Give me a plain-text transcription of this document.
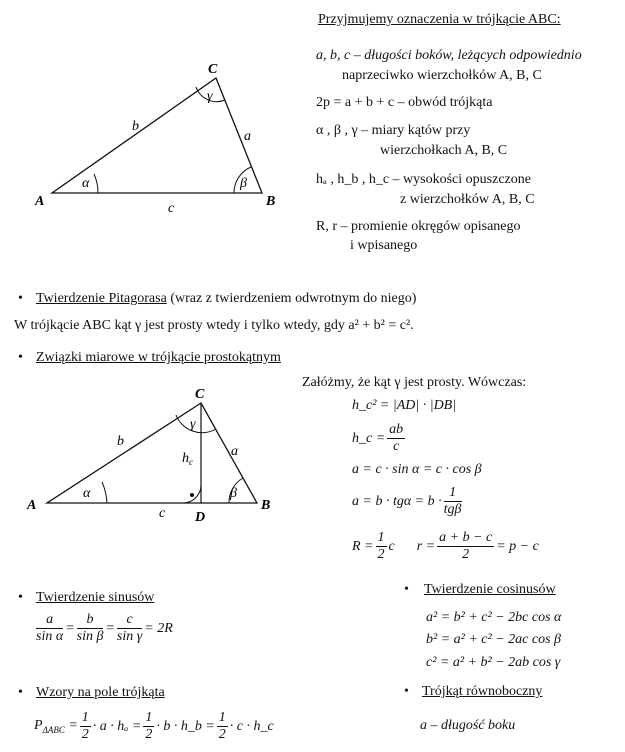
A	B
C
a
b
c
α	β
γ
Przyjmujemy oznaczenia w trójkącie ABC:
a, b, c – długości boków, leżących odpowiednio
naprzeciwko wierzchołków A, B, C
2p = a + b + c – obwód trójkąta
α , β , γ – miary kątów przy
wierzchołkach A, B, C
hₐ , h_b , h_c – wysokości opuszczone
z wierzchołków A, B, C
R, r – promienie okręgów opisanego
i wpisanego
• Twierdzenie Pitagorasa (wraz z twierdzeniem odwrotnym do niego)
W trójkącie ABC kąt γ jest prosty wtedy i tylko wtedy, gdy a² + b² = c².
• Związki miarowe w trójkącie prostokątnym
A	B
C
D
a
b
c
$h_c$
α	β
γ
Załóżmy, że kąt γ jest prosty. Wówczas:
h_c² = |AD| · |DB|
h_c = $\frac{ab}{c}$
a = c · sin α = c · cos β
$a = b \cdot tg\alpha = b \cdot \frac{1}{\text{tgβ}}$
$R = \frac{1}{2}$ c $r = \frac{a + b - c}{2} = p - c$
• Twierdzenie sinusów
$\frac{a}{\text{sin α}} = \frac{b}{\text{sin β}} = \frac{c}{\text{sin γ}} = 2R$
• Twierdzenie cosinusów
a² = b² + c² − 2bc cos α
b² = a² + c² − 2ac cos β
c² = a² + b² − 2ab cos γ
• Wzory na pole trójkąta
$P_{\Delta ABC} = \frac{1}{2} \cdot a \cdot h_a = \frac{1}{2} \cdot b$ · h_b = $\frac{1}{2} \cdot c$ · h_c
• Trójkąt równoboczny
a – długość boku
